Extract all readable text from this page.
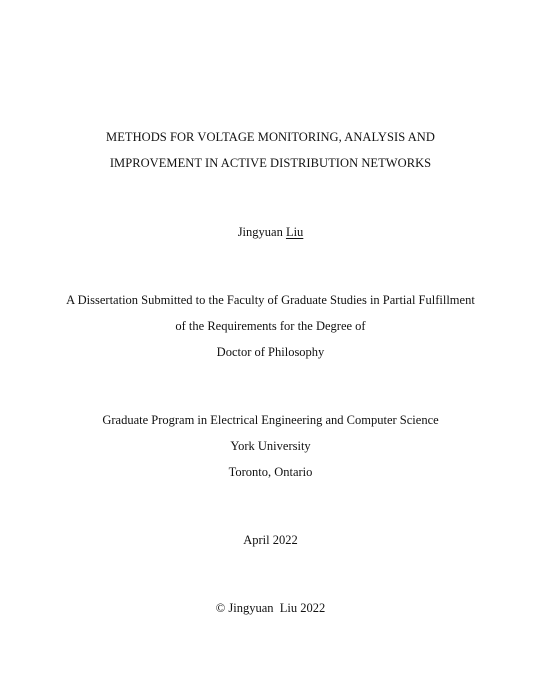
METHODS FOR VOLTAGE MONITORING, ANALYSIS AND
IMPROVEMENT IN ACTIVE DISTRIBUTION NETWORKS
Jingyuan Liu
A Dissertation Submitted to the Faculty of Graduate Studies in Partial Fulfillment
of the Requirements for the Degree of
Doctor of Philosophy
Graduate Program in Electrical Engineering and Computer Science
York University
Toronto, Ontario
April 2022
© Jingyuan  Liu 2022
